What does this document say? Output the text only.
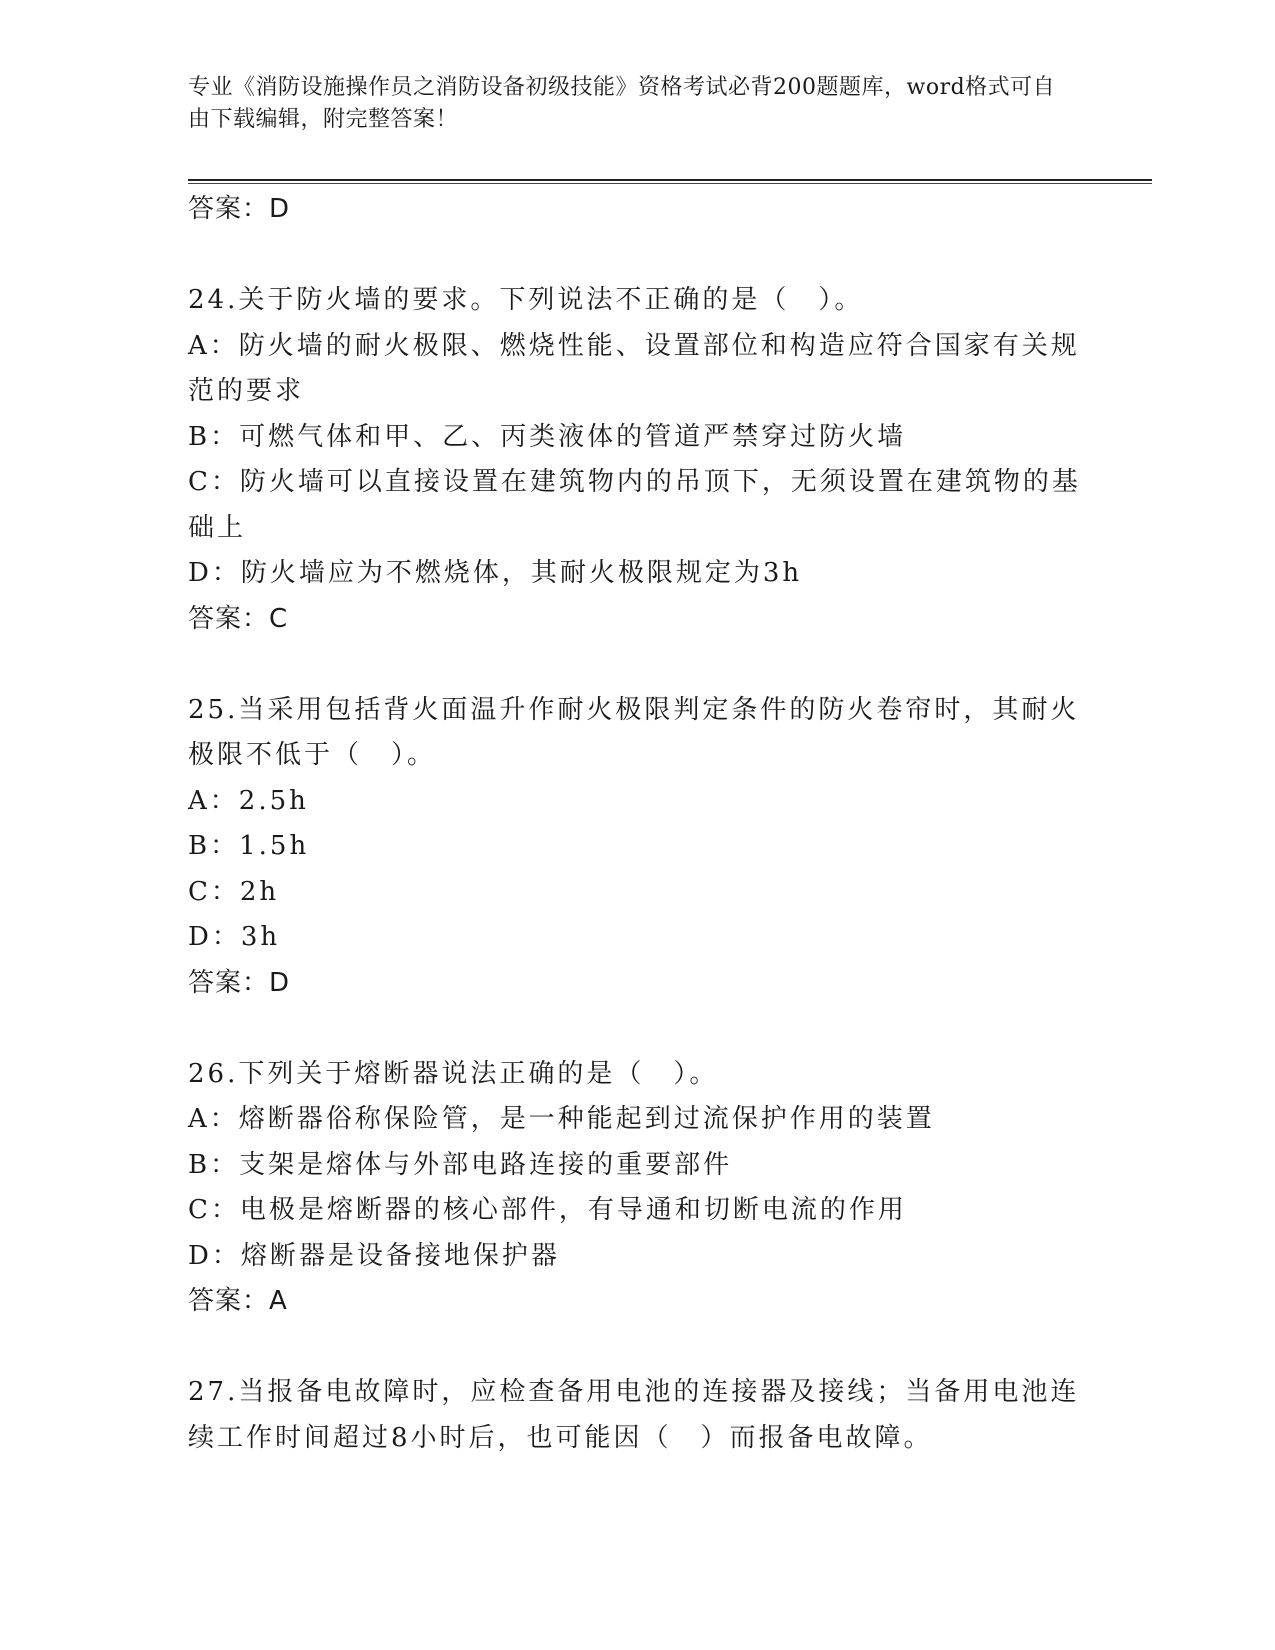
专业《消防设施操作员之消防设备初级技能》资格考试必背200题题库，word格式可自由下载编辑，附完整答案！
答案：D
24.关于防火墙的要求。下列说法不正确的是（　）。
A：防火墙的耐火极限、燃烧性能、设置部位和构造应符合国家有关规范的要求
B：可燃气体和甲、乙、丙类液体的管道严禁穿过防火墙
C：防火墙可以直接设置在建筑物内的吊顶下，无须设置在建筑物的基础上
D：防火墙应为不燃烧体，其耐火极限规定为3h
答案：C
25.当采用包括背火面温升作耐火极限判定条件的防火卷帘时，其耐火极限不低于（　）。
A：2.5h
B：1.5h
C：2h
D：3h
答案：D
26.下列关于熔断器说法正确的是（　）。
A：熔断器俗称保险管，是一种能起到过流保护作用的装置
B：支架是熔体与外部电路连接的重要部件
C：电极是熔断器的核心部件，有导通和切断电流的作用
D：熔断器是设备接地保护器
答案：A
27.当报备电故障时，应检查备用电池的连接器及接线；当备用电池连续工作时间超过8小时后，也可能因（　）而报备电故障。
